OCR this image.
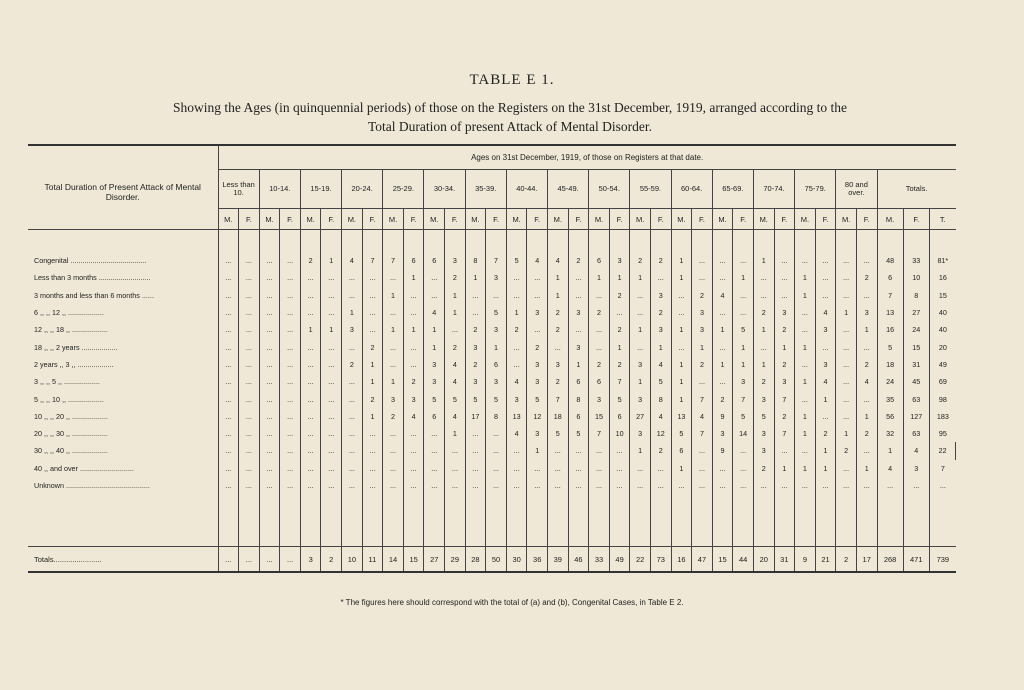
TABLE E 1.
Showing the Ages (in quinquennial periods) of those on the Registers on the 31st December, 1919, arranged according to the
Total Duration of present Attack of Mental Disorder.
Total Duration of Present Attack of Mental Disorder.	Ages on 31st December, 1919, of those on Registers at that date.																																			
	Less than 10.		10-14.		15-19.		20-24.		25-29.		30-34.		35-39.		40-44.		45-49.		50-54.		55-59.		60-64.		65-69.		70-74.		75-79.		80 and over.		Totals.			
	M.	F.	M.	F.	M.	F.	M.	F.	M.	F.	M.	F.	M.	F.	M.	F.	M.	F.	M.	F.	M.	F.	M.	F.	M.	F.	M.	F.	M.	F.	M.	F.	M.	F.	T.	

Congenital ......................................	...	...	...	...	2	1	4	7	7	6	6	3	8	7	5	4	4	2	6	3	2	2	1	...	...	...	1	...	...	...	...	...	48	33	81*	
Less than 3 months ..........................	...	...	...	...	...	...	...	...	...	1	...	2	1	3	...	...	1	...	1	1	1	...	1	...	...	1	...	...	1	...	...	2	6	10	16	
3 months and less than 6 months ......	...	...	...	...	...	...	...	...	1	...	...	1	...	...	...	...	1	...	...	2	...	3	...	2	4	...	...	...	1	...	...	...	7	8	15	
6 ,, ,, 12 ,, ..................	...	...	...	...	...	...	1	...	...	...	4	1	...	5	1	3	2	3	2	...	...	2	...	3	...	...	2	3	...	4	1	3	13	27	40	
12 ,, ,, 18 ,, ..................	...	...	...	...	1	1	3	...	1	1	1	...	2	3	2	...	2	...	...	2	1	3	1	3	1	5	1	2	...	3	...	1	16	24	40	
18 ,, ,, 2 years ..................	...	...	...	...	...	...	...	2	...	...	1	2	3	1	...	2	...	3	...	1	...	1	...	1	...	1	...	1	1	...	...	...	5	15	20	
2 years ,, 3 ,, ..................	...	...	...	...	...	...	2	1	...	...	3	4	2	6	...	3	3	1	2	2	3	4	1	2	1	1	1	2	...	3	...	2	18	31	49	
3 ,, ,, 5 ,, ..................	...	...	...	...	...	...	...	1	1	2	3	4	3	3	4	3	2	6	6	7	1	5	1	...	...	3	2	3	1	4	...	4	24	45	69	
5 ,, ,, 10 ,, ..................	...	...	...	...	...	...	...	2	3	3	5	5	5	5	3	5	7	8	3	5	3	8	1	7	2	7	3	7	...	1	...	...	35	63	98	
10 ,, ,, 20 ,, ..................	...	...	...	...	...	...	...	1	2	4	6	4	17	8	13	12	18	6	15	6	27	4	13	4	9	5	5	2	1	...	...	1	56	127	183	
20 ,, ,, 30 ,, ..................	...	...	...	...	...	...	...	...	...	...	...	1	...	...	4	3	5	5	7	10	3	12	5	7	3	14	3	7	1	2	1	2	32	63	95	
30 ,, ,, 40 ,, ..................	...	...	...	...	...	...	...	...	...	...	...	...	...	...	...	1	...	...	...	...	1	2	6	...	9	...	3	...	...	1	2	...	1	4	22	
40 ,, and over ...........................	...	...	...	...	...	...	...	...	...	...	...	...	...	...	...	...	...	...	...	...	...	...	1	...	...	...	2	1	1	1	...	1	4	3	7	
Unknown ..........................................	...	...	...	...	...	...	...	...	...	...	...	...	...	...	...	...	...	...	...	...	...	...	...	...	...	...	...	...	...	...	...	...	...	...	...	

Totals.......................	...	...	...	...	3	2	10	11	14	15	27	29	28	50	30	36	39	46	33	49	22	73	16	47	15	44	20	31	9	21	2	17	268	471	739	
* The figures here should correspond with the total of (a) and (b), Congenital Cases, in Table E 2.
